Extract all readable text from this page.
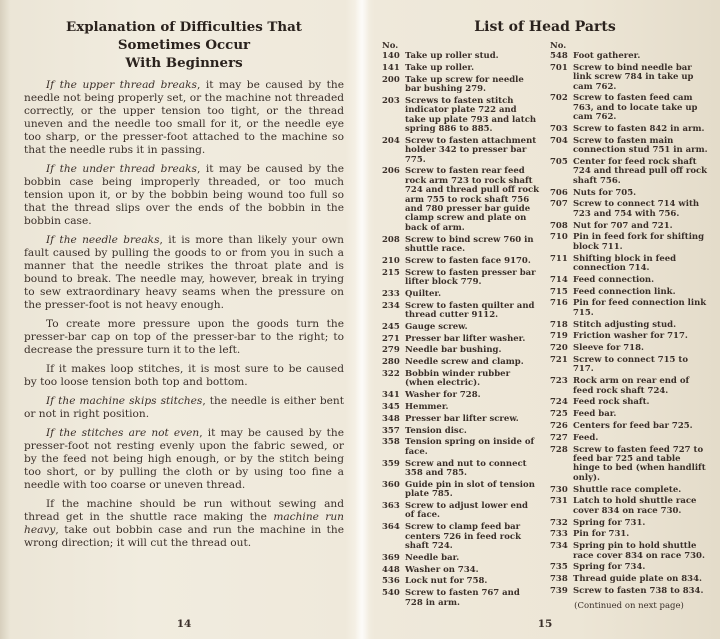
Explanation of Difficulties That Sometimes Occur
With Beginners

If the upper thread breaks, it may be caused by the needle not being properly set, or the machine not threaded correctly, or the upper tension too tight, or the thread uneven and the needle too small for it, or the needle eye too sharp, or the presser-foot attached to the machine so that the needle rubs it in passing.

If the under thread breaks, it may be caused by the bobbin case being improperly threaded, or too much tension upon it, or by the bobbin being wound too full so that the thread slips over the ends of the bobbin in the bobbin case.

If the needle breaks, it is more than likely your own fault caused by pulling the goods to or from you in such a manner that the needle strikes the throat plate and is bound to break. The needle may, however, break in trying to sew extraordinary heavy seams when the pressure on the presser-foot is not heavy enough.

To create more pressure upon the goods turn the presser-bar cap on top of the presser-bar to the right; to decrease the pressure turn it to the left.

If it makes loop stitches, it is most sure to be caused by too loose tension both top and bottom.

If the machine skips stitches, the needle is either bent or not in right position.

If the stitches are not even, it may be caused by the presser-foot not resting evenly upon the fabric sewed, or by the feed not being high enough, or by the stitch being too short, or by pulling the cloth or by using too fine a needle with too coarse or uneven thread.

If the machine should be run without sewing and thread get in the shuttle race making the machine run heavy, take out bobbin case and run the machine in the wrong direction; it will cut the thread out.

14
List of Head Parts
No.
140 Take up roller stud.
141 Take up roller.
200 Take up screw for needle bar bushing 279.
203 Screws to fasten stitch indicator plate 722 and take up plate 793 and latch spring 886 to 885.
204 Screw to fasten attachment holder 342 to presser bar 775.
206 Screw to fasten rear feed rock arm 723 to rock shaft 724 and thread pull off rock arm 755 to rock shaft 756 and 780 presser bar guide clamp screw and plate on back of arm.
208 Screw to bind screw 760 in shuttle race.
210 Screw to fasten face 9170.
215 Screw to fasten presser bar lifter block 779.
233 Quilter.
234 Screw to fasten quilter and thread cutter 9112.
245 Gauge screw.
271 Presser bar lifter washer.
279 Needle bar bushing.
280 Needle screw and clamp.
322 Bobbin winder rubber (when electric).
341 Washer for 728.
345 Hemmer.
348 Presser bar lifter screw.
357 Tension disc.
358 Tension spring on inside of face.
359 Screw and nut to connect 358 and 785.
360 Guide pin in slot of tension plate 785.
363 Screw to adjust lower end of face.
364 Screw to clamp feed bar centers 726 in feed rock shaft 724.
369 Needle bar.
448 Washer on 734.
536 Lock nut for 758.
540 Screw to fasten 767 and 728 in arm.
No.
548 Foot gatherer.
701 Screw to bind needle bar link screw 784 in take up cam 762.
702 Screw to fasten feed cam 763, and to locate take up cam 762.
703 Screw to fasten 842 in arm.
704 Screw to fasten main connection stud 751 in arm.
705 Center for feed rock shaft 724 and thread pull off rock shaft 756.
706 Nuts for 705.
707 Screw to connect 714 with 723 and 754 with 756.
708 Nut for 707 and 721.
710 Pin in feed fork for shifting block 711.
711 Shifting block in feed connection 714.
714 Feed connection.
715 Feed connection link.
716 Pin for feed connection link 715.
718 Stitch adjusting stud.
719 Friction washer for 717.
720 Sleeve for 718.
721 Screw to connect 715 to 717.
723 Rock arm on rear end of feed rock shaft 724.
724 Feed rock shaft.
725 Feed bar.
726 Centers for feed bar 725.
727 Feed.
728 Screw to fasten feed 727 to feed bar 725 and table hinge to bed (when handlift only).
730 Shuttle race complete.
731 Latch to hold shuttle race cover 834 on race 730.
732 Spring for 731.
733 Pin for 731.
734 Spring pin to hold shuttle race cover 834 on race 730.
735 Spring for 734.
738 Thread guide plate on 834.
739 Screw to fasten 738 to 834.
(Continued on next page)
15
